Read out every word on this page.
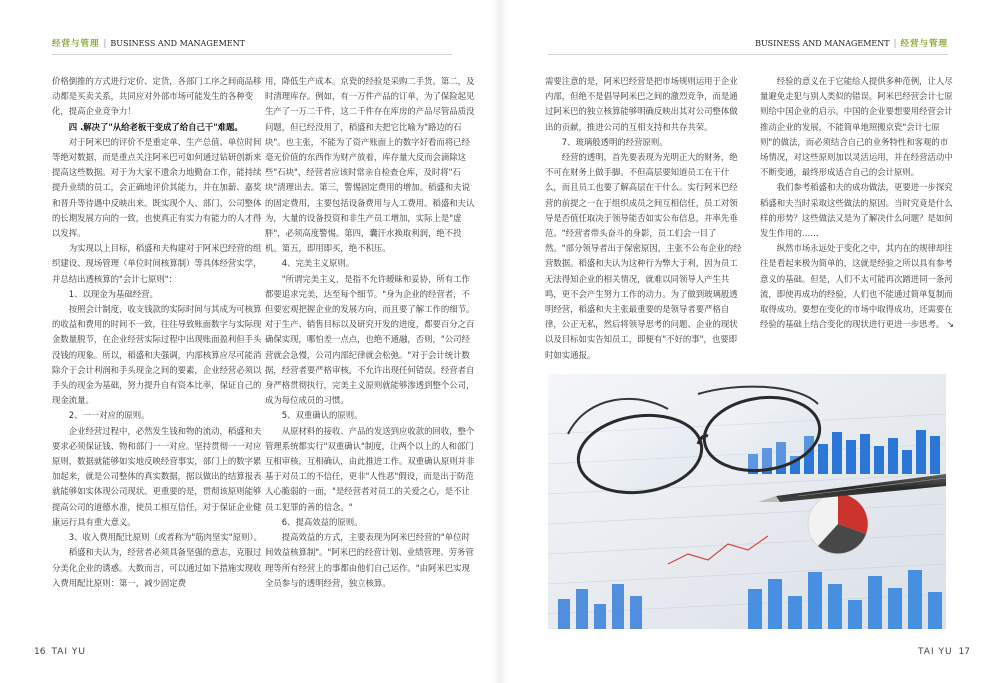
经营与管理 | BUSINESS AND MANAGEMENT

价格倒推的方式进行定价、定货，各部门工序之间商品移动都是买卖关系，共同应对外部市场可能发生的各种变化，提高企业竞争力！

四 .解决了"从给老板干变成了给自己干"难题。

对于阿米巴的评价不是重定单、生产总值、单位时间等绝对数据，而是重点关注阿米巴可如何通过钻研创新来提高这些数据。对于为大家不遗余力地勤奋工作，能持续提升业绩的员工，会正确地评价其能力，并在加薪、嘉奖和晋升等待遇中反映出来。既实现个人、部门、公司整体的长期发展方向的一致，也使真正有实力有能力的人才得以发挥。

为实现以上目标，稻盛和夫构建对于阿米巴经营的组织建设、现场管理（单位时间核算制）等具体经营实学，并总结出透核算的"会计七原则"：

1、以现金为基础经营。

按照会计制度，收支钱款的实际时间与其成为可核算的收益和费用的时间不一致，往往导致账面数字与实际现金数量脱节，在企业经营实际过程中出现账面盈利但手头没钱的现象。所以，稻盛和夫强调，内部核算应尽可能消除介于会计利润和手头现金之间的要素，企业经营必须以手头的现金为基础，努力提升自有资本比率，保证自己的现金流量。

2、一一对应的原则。

企业经营过程中，必然发生钱和物的流动，稻盛和夫要求必须保证钱、物和部门一一对应。坚持贯彻一一对应原则，数据就能够如实地反映经营事实，部门上的数字累加起来，就是公司整体的真实数据，据以做出的结算报表就能够如实体现公司现状。更重要的是，贯彻该原则能够提高公司的道德水准，使员工相互信任，对于保证企业健康运行具有重大意义。

3、收入费用配比原则（或者称为"筋肉坚实"原则）。

稻盛和夫认为，经营者必须具备坚强的意志，克服过分美化企业的诱惑。大数而言，可以通过如下措施实现收入费用配比原则：第一，减少固定费

用，降低生产成本。京瓷的经验是采购二手货。第二，及时清理库存。例如，有一万件产品的订单，为了保险起见生产了一万二千件，这二千件存在库房的产品尽管品质没问题，但已经没用了，稻盛和夫把它比喻为"路边的石块"。也主张，不能为了资产账面上的数字好看而将已经毫无价值的东西作为财产放着，库存量大反而会滴除这些"石块"，经营者应该时常亲自检查仓库，及时将"石块"清理出去。第三，警惕固定费用的增加。稻盛和夫说的固定费用，主要包括设备费用与人工费用。稻盛和夫认为，大量的设备投资和非生产员工增加，实际上是"虚胖"，必须高度警惕。第四，囊汗水换取利润，绝不投机。第五，即用即买，绝不积压。

4、完美主义原则。

"所谓完美主义，是指不允许暧昧和妥协，所有工作都要追求完美，达至每个细节。"身为企业的经营者，不但要宏观把握企业的发展方向，而且要了解工作的细节。对于生产、销售目标以及研究开发的进度，都要百分之百确保实现，哪怕差一点点，也绝不通融，否则，"公司经营就会急慢，公司内部纪律就会松弛。"对于会计统计数据，经营者要严格审核，不允许出现任何错误。经营者自身严格贯彻执行，完美主义原则就能够渗透到整个公司，成为每位成员的习惯。

5、双重确认的原则。

从原材料的接收、产品的发送到应收款的回收，整个管理系统都实行"双重确认"制度，让两个以上的人和部门互相审核，互相确认，由此推进工作。双重确认原则并非基于对员工的不信任，更非"人性恶"假设，而是出于防范人心脆弱的一面，"是经营者对员工的关爱之心，是不让员工犯罪的善的信念。"

6、提高效益的原则。

提高效益的方式，主要表现为阿米巴经营的"单位时间效益核算制"。"阿米巴的经营计划、业绩管理、劳务管理等所有经营上的事都由他们自己运作。"由阿米巴实现全员参与的透明经营，独立核算。

16 TAI YU
BUSINESS AND MANAGEMENT | 经营与管理

需要注意的是，阿米巴经营是把市场规则运用于企业内部，但绝不是倡导阿米巴之间的激烈竞争，而是通过阿米巴的独立核算能够明确反映出其对公司整体做出的贡献，推进公司的互相支持和共存共荣。

7、玻璃般透明的经营原则。

经营的透明，首先要表现为光明正大的财务，绝不可在财务上做手脚。不但高层要知道员工在干什么，而且员工也要了解高层在干什么。实行阿米巴经营的前提之一在于组织成员之间互相信任，员工对领导是否值任取决于领导能否如实公布信息，并率先垂范。"经营者带头奋斗的身影，员工们会一目了然。"部分领导者出于保密原因，主张不公布企业的经营数据。稻盛和夫认为这种行为弊大于利，因为员工无法得知企业的相关情况，就难以同领导人产生共鸣，更不会产生努力工作的动力。为了做到玻璃般透明经营，稻盛和夫主张最重要的是领导者要严格自律，公正无私，然后将领导思考的问题、企业的现状以及目标如实告知员工，即便有"不好的事"，也要即时如实通报。

经验的意义在于它能给人提供多种范例，让人尽量避免走犯与别人类似的错误。阿米巴经营会计七原则给中国企业的启示。中国的企业要想要用经营会计推动企业的发展，不能简单地照搬京瓷"会计七原则"的做法，而必须结合自己的业务特性和客观的市场情况，对这些原则加以灵活运用，并在经营活动中不断变通，最终形成适合自己的会计原则。

我们参考稻盛和夫的成功做法，更要进一步探究稻盛和夫当时采取这些做法的原因。当时究竟是什么样的形势？这些做法又是为了解决什么问题？是如何发生作用的……

纵然市场永远处于变化之中，其内在的规律却往往是看起来极为简单的，这就是经验之所以具有参考意义的基础。但是，人们不太可能再次踏进同一条河流，即使再成功的经验，人们也不能通过简单复制而取得成功。要想在变化的市场中取得成功，还需要在经验的基础上结合变化的现状进行更进一步思考。 ↘

TAI YU 17
